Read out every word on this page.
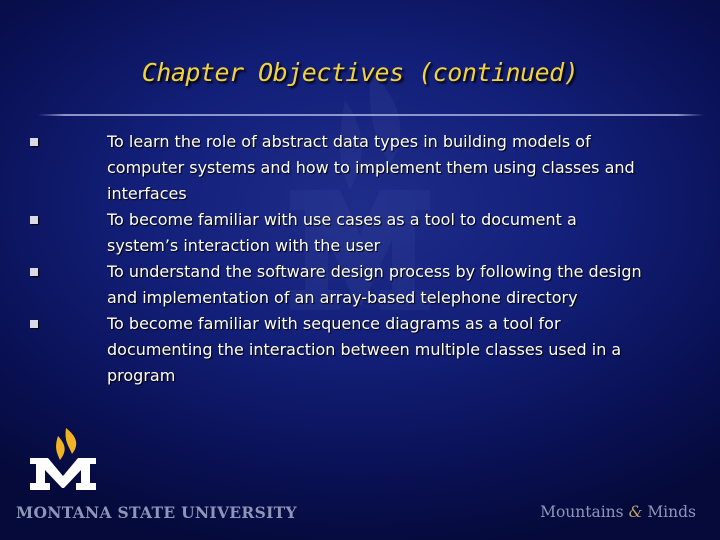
Chapter Objectives (continued)
To learn the role of abstract data types in building models of computer systems and how to implement them using classes and interfaces
To become familiar with use cases as a tool to document a system’s interaction with the user
To understand the software design process by following the design and implementation of an array-based telephone directory
To become familiar with sequence diagrams as a tool for documenting the interaction between multiple classes used in a program
MONTANA STATE UNIVERSITY	Mountains & Minds
